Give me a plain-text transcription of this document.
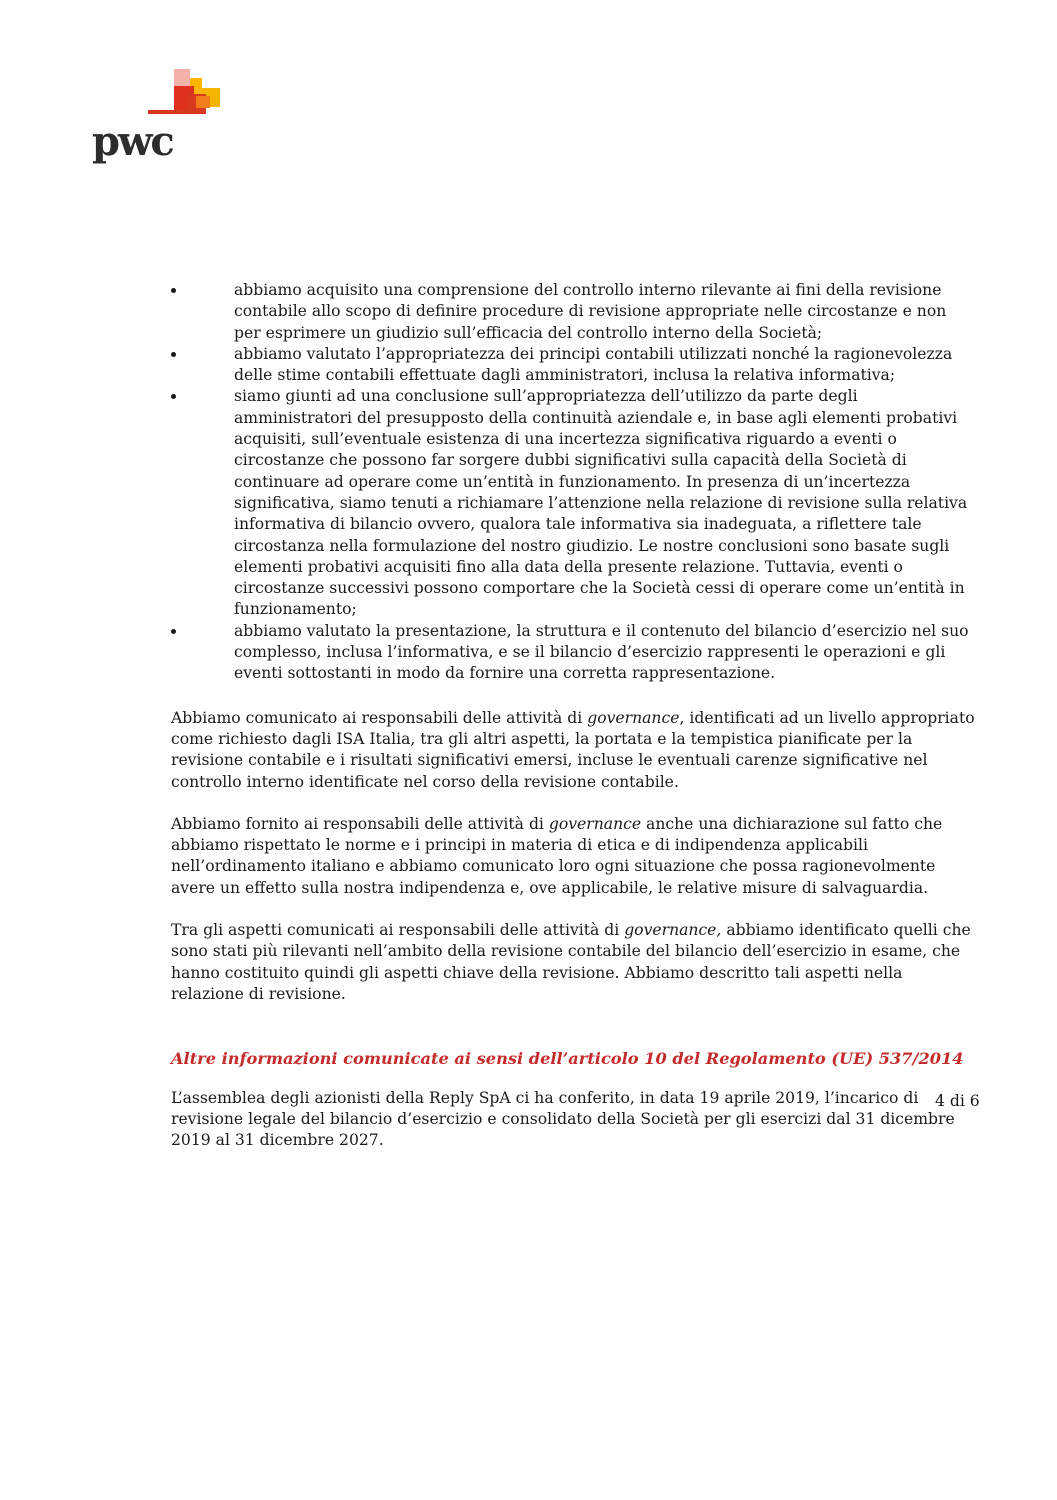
pwc
abbiamo acquisito una comprensione del controllo interno rilevante ai fini della revisione contabile allo scopo di definire procedure di revisione appropriate nelle circostanze e non per esprimere un giudizio sull’efficacia del controllo interno della Società;
abbiamo valutato l’appropriatezza dei principi contabili utilizzati nonché la ragionevolezza delle stime contabili effettuate dagli amministratori, inclusa la relativa informativa;
siamo giunti ad una conclusione sull’appropriatezza dell’utilizzo da parte degli amministratori del presupposto della continuità aziendale e, in base agli elementi probativi acquisiti, sull’eventuale esistenza di una incertezza significativa riguardo a eventi o circostanze che possono far sorgere dubbi significativi sulla capacità della Società di continuare ad operare come un’entità in funzionamento. In presenza di un’incertezza significativa, siamo tenuti a richiamare l’attenzione nella relazione di revisione sulla relativa informativa di bilancio ovvero, qualora tale informativa sia inadeguata, a riflettere tale circostanza nella formulazione del nostro giudizio. Le nostre conclusioni sono basate sugli elementi probativi acquisiti fino alla data della presente relazione. Tuttavia, eventi o circostanze successivi possono comportare che la Società cessi di operare come un’entità in funzionamento;
abbiamo valutato la presentazione, la struttura e il contenuto del bilancio d’esercizio nel suo complesso, inclusa l’informativa, e se il bilancio d’esercizio rappresenti le operazioni e gli eventi sottostanti in modo da fornire una corretta rappresentazione.

Abbiamo comunicato ai responsabili delle attività di governance, identificati ad un livello appropriato come richiesto dagli ISA Italia, tra gli altri aspetti, la portata e la tempistica pianificate per la revisione contabile e i risultati significativi emersi, incluse le eventuali carenze significative nel controllo interno identificate nel corso della revisione contabile.

Abbiamo fornito ai responsabili delle attività di governance anche una dichiarazione sul fatto che abbiamo rispettato le norme e i principi in materia di etica e di indipendenza applicabili nell’ordinamento italiano e abbiamo comunicato loro ogni situazione che possa ragionevolmente avere un effetto sulla nostra indipendenza e, ove applicabile, le relative misure di salvaguardia.

Tra gli aspetti comunicati ai responsabili delle attività di governance, abbiamo identificato quelli che sono stati più rilevanti nell’ambito della revisione contabile del bilancio dell’esercizio in esame, che hanno costituito quindi gli aspetti chiave della revisione. Abbiamo descritto tali aspetti nella relazione di revisione.

Altre informazioni comunicate ai sensi dell’articolo 10 del Regolamento (UE) 537/2014

L’assemblea degli azionisti della Reply SpA ci ha conferito, in data 19 aprile 2019, l’incarico di revisione legale del bilancio d’esercizio e consolidato della Società per gli esercizi dal 31 dicembre 2019 al 31 dicembre 2027.

4 di 6
